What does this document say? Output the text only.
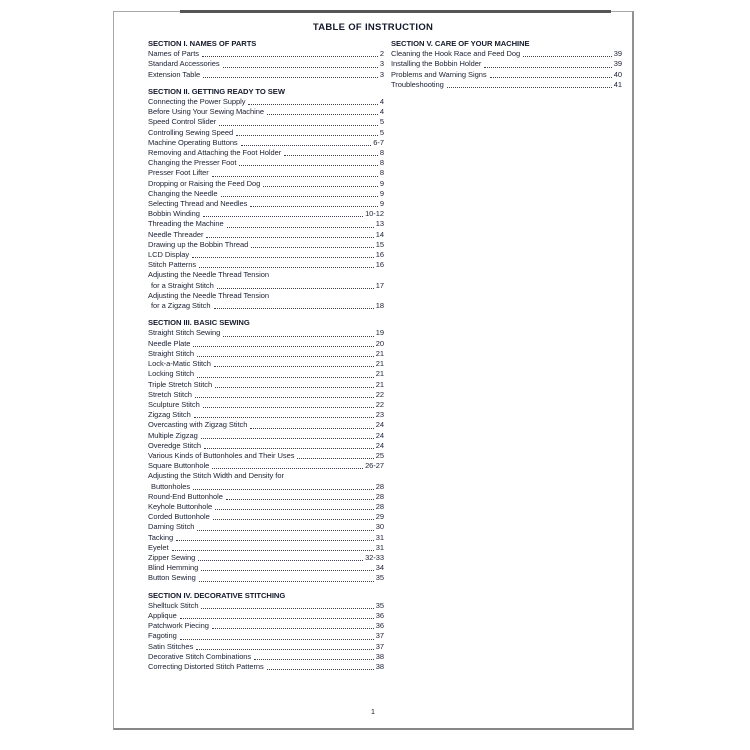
TABLE OF INSTRUCTION
SECTION I. NAMES OF PARTS
Names of Parts	2
Standard Accessories	3
Extension Table	3
SECTION II. GETTING READY TO SEW
Connecting the Power Supply	4
Before Using Your Sewing Machine	4
Speed Control Slider	5
Controlling Sewing Speed	5
Machine Operating Buttons	6-7
Removing and Attaching the Foot Holder	8
Changing the Presser Foot	8
Presser Foot Lifter	8
Dropping or Raising the Feed Dog	9
Changing the Needle	9
Selecting Thread and Needles	9
Bobbin Winding	10-12
Threading the Machine	13
Needle Threader	14
Drawing up the Bobbin Thread	15
LCD Display	16
Stitch Patterns	16
Adjusting the Needle Thread Tension
for a Straight Stitch	17
Adjusting the Needle Thread Tension
for a Zigzag Stitch	18
SECTION III. BASIC SEWING
Straight Stitch Sewing	19
Needle Plate	20
Straight Stitch	21
Lock-a-Matic Stitch	21
Locking Stitch	21
Triple Stretch Stitch	21
Stretch Stitch	22
Sculpture Stitch	22
Zigzag Stitch	23
Overcasting with Zigzag Stitch	24
Multiple Zigzag	24
Overedge Stitch	24
Various Kinds of Buttonholes and Their Uses	25
Square Buttonhole	26-27
Adjusting the Stitch Width and Density for
Buttonholes	28
Round-End Buttonhole	28
Keyhole Buttonhole	28
Corded Buttonhole	29
Darning Stitch	30
Tacking	31
Eyelet	31
Zipper Sewing	32-33
Blind Hemming	34
Button Sewing	35
SECTION IV. DECORATIVE STITCHING
Shelltuck Stitch	35
Applique	36
Patchwork Piecing	36
Fagoting	37
Satin Stitches	37
Decorative Stitch Combinations	38
Correcting Distorted Stitch Patterns	38
SECTION V. CARE OF YOUR MACHINE
Cleaning the Hook Race and Feed Dog	39
Installing the Bobbin Holder	39
Problems and Warning Signs	40
Troubleshooting	41
1
